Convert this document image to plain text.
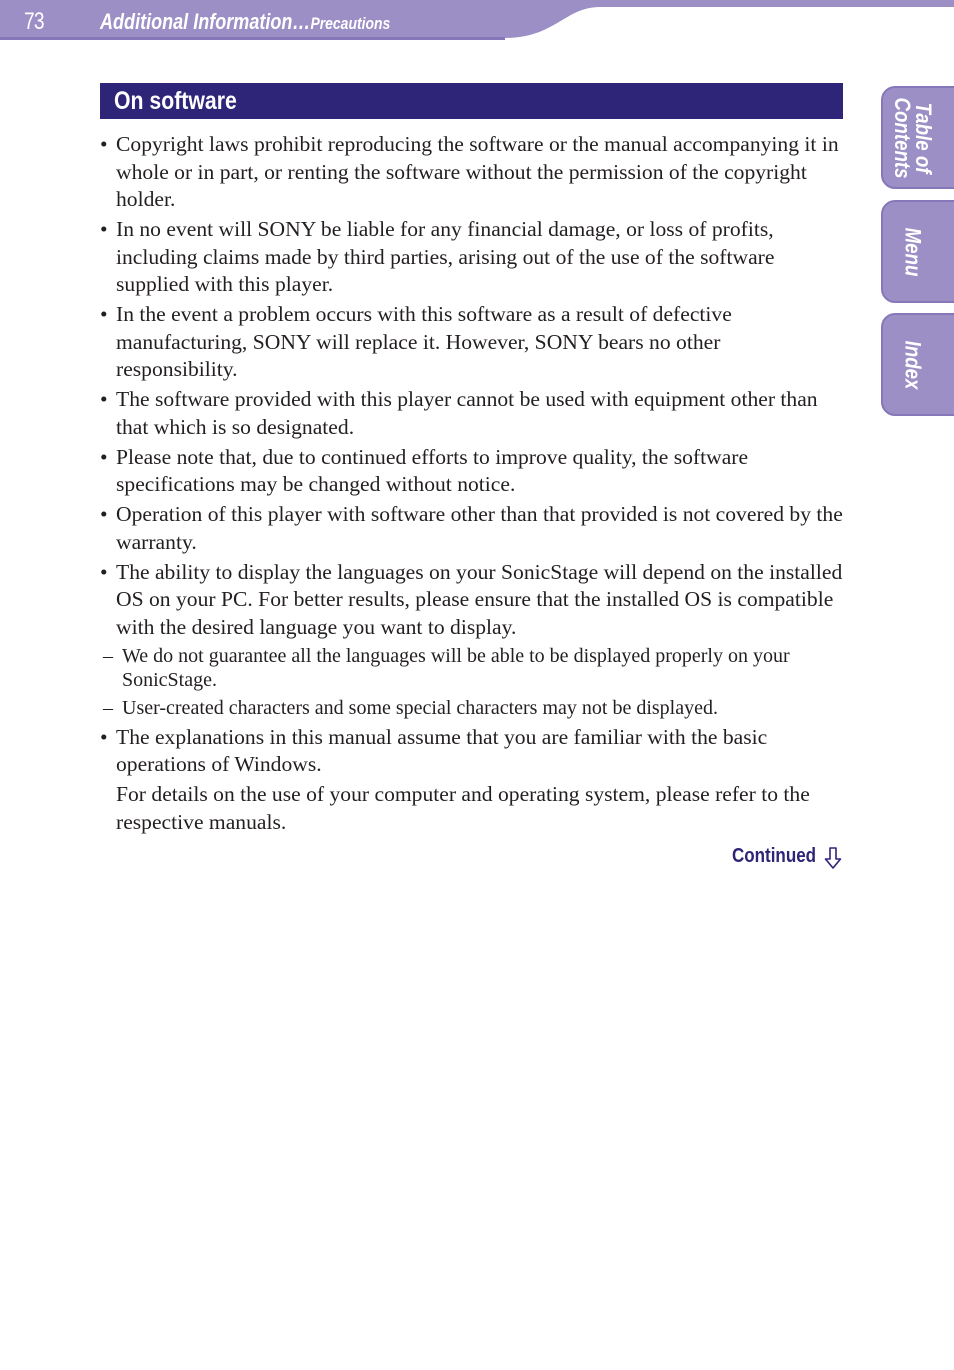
73	Additional Information…Precautions
On software
• Copyright laws prohibit reproducing the software or the manual accompanying it in whole or in part, or renting the software without the permission of the copyright holder.
• In no event will SONY be liable for any financial damage, or loss of profits, including claims made by third parties, arising out of the use of the software supplied with this player.
• In the event a problem occurs with this software as a result of defective manufacturing, SONY will replace it. However, SONY bears no other responsibility.
• The software provided with this player cannot be used with equipment other than that which is so designated.
• Please note that, due to continued efforts to improve quality, the software specifications may be changed without notice.
• Operation of this player with software other than that provided is not covered by the warranty.
• The ability to display the languages on your SonicStage will depend on the installed OS on your PC. For better results, please ensure that the installed OS is compatible with the desired language you want to display.
– We do not guarantee all the languages will be able to be displayed properly on your SonicStage.
– User-created characters and some special characters may not be displayed.
• The explanations in this manual assume that you are familiar with the basic operations of Windows.
For details on the use of your computer and operating system, please refer to the respective manuals.
Continued
Table of
Contents
Menu
Index
